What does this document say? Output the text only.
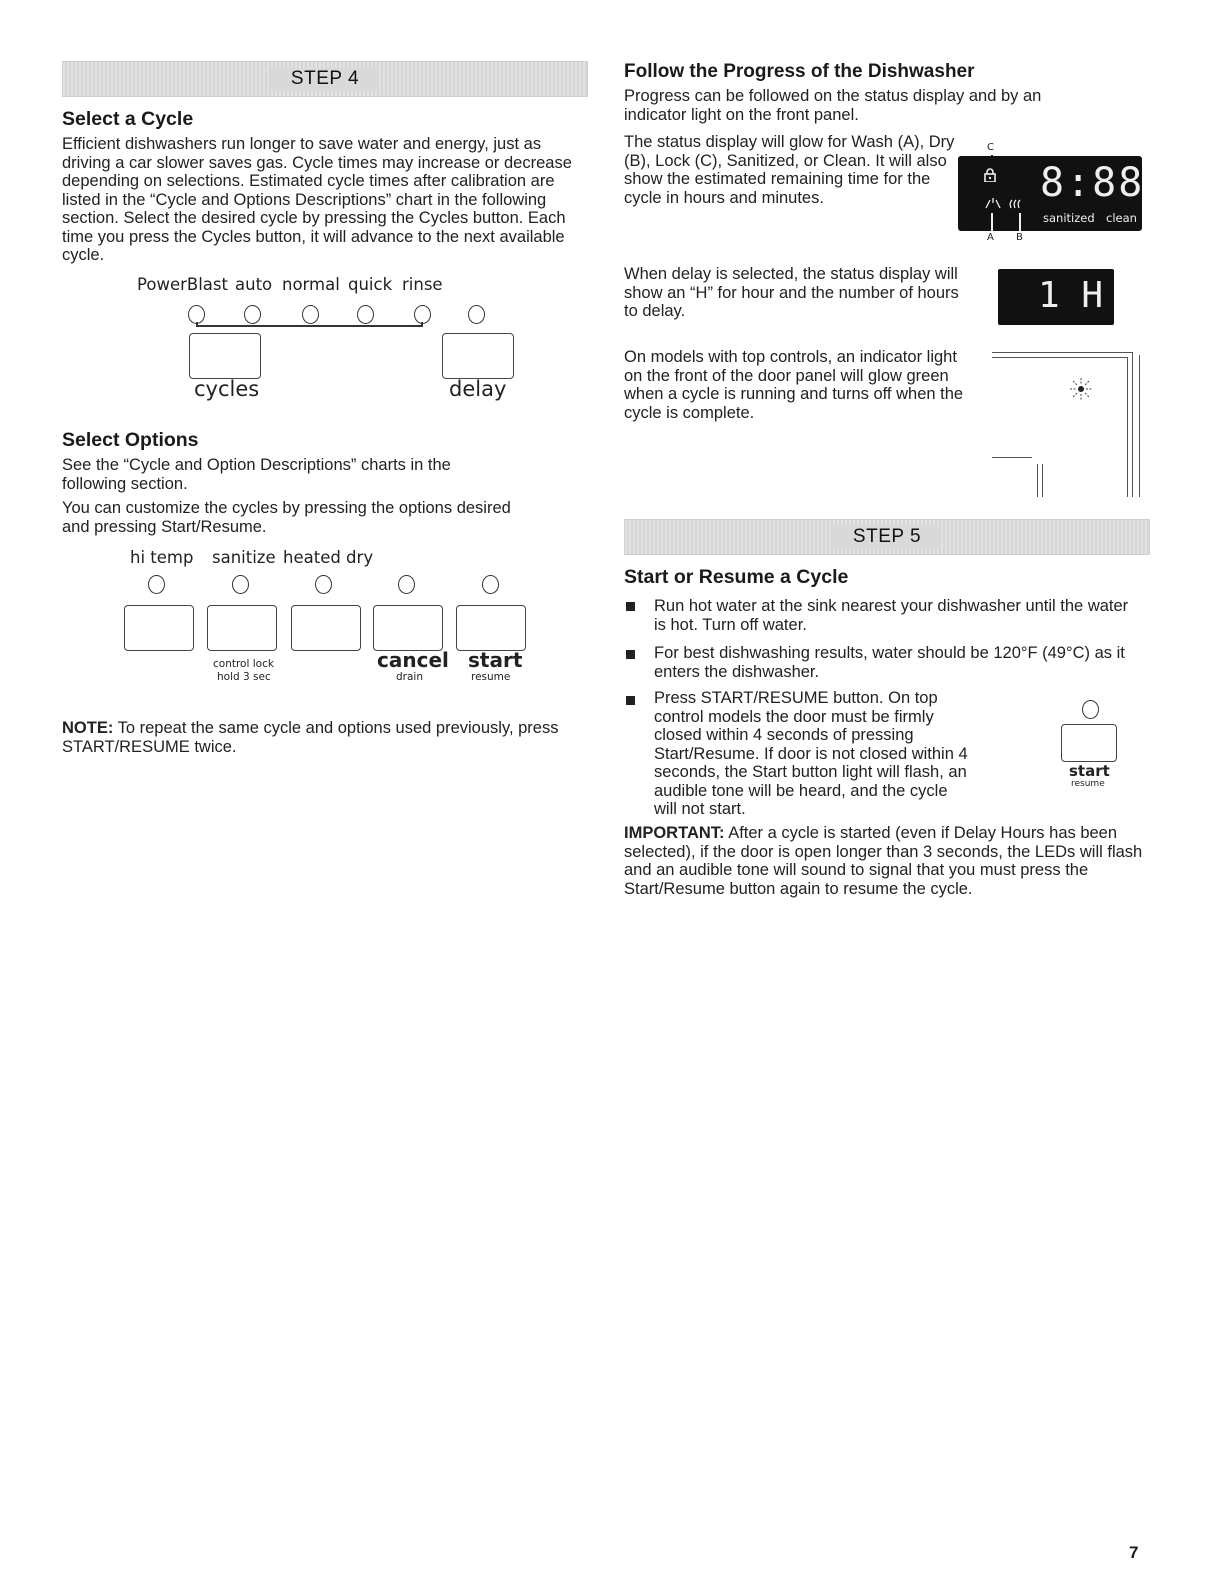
STEP 4
Select a Cycle

Efficient dishwashers run longer to save water and energy, just as driving a car slower saves gas. Cycle times may increase or decrease depending on selections. Estimated cycle times after calibration are listed in the “Cycle and Options Descriptions” chart in the following section. Select the desired cycle by pressing the Cycles button. Each time you press the Cycles button, it will advance to the next available cycle.

PowerBlast auto normal quick rinse
cycles	delay
Select Options

See the “Cycle and Option Descriptions” charts in the following section.

You can customize the cycles by pressing the options desired and pressing Start/Resume.

hi temp sanitize heated dry
control lock
hold 3 sec
cancel
drain
start
resume

NOTE: To repeat the same cycle and options used previously, press START/RESUME twice.

Follow the Progress of the Dishwasher

Progress can be followed on the status display and by an indicator light on the front panel.

The status display will glow for Wash (A), Dry (B), Lock (C), Sanitized, or Clean. It will also show the estimated remaining time for the cycle in hours and minutes.

C
8:88
sanitized clean
A B

When delay is selected, the status display will show an “H” for hour and the number of hours to delay.	1 H

On models with top controls, an indicator light on the front of the door panel will glow green when a cycle is running and turns off when the cycle is complete.

STEP 5
Start or Resume a Cycle

Run hot water at the sink nearest your dishwasher until the water is hot. Turn off water.

For best dishwashing results, water should be 120°F (49°C) as it enters the dishwasher.

Press START/RESUME button. On top control models the door must be firmly closed within 4 seconds of pressing Start/Resume. If door is not closed within 4 seconds, the Start button light will flash, an audible tone will be heard, and the cycle will not start.

start
resume

IMPORTANT: After a cycle is started (even if Delay Hours has been selected), if the door is open longer than 3 seconds, the LEDs will flash and an audible tone will sound to signal that you must press the Start/Resume button again to resume the cycle.

7
